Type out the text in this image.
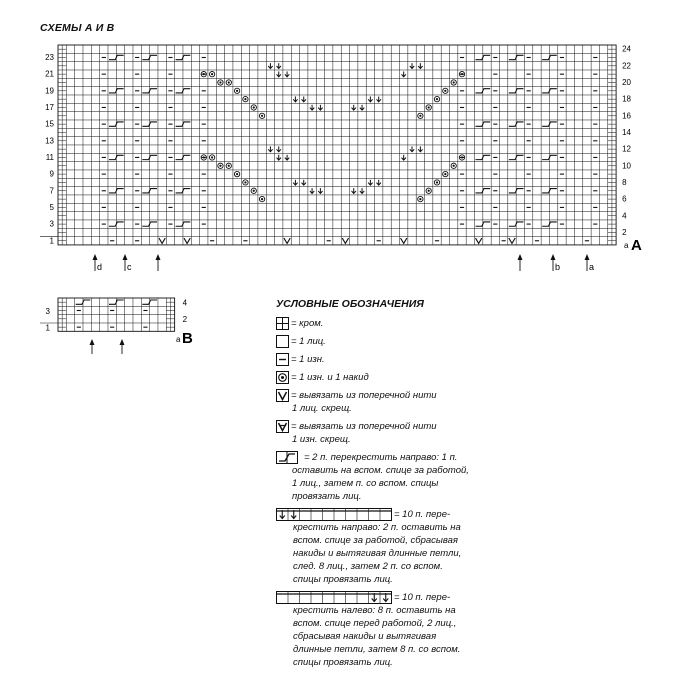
СХЕМЫ А И В
23
21
19
17
15
13
11
9
7
5
3
1
24
22
20
18
16
14
12
10
8
6
4
2
A
а
d	c	b	a
3
1
4
2
B
а
УСЛОВНЫЕ ОБОЗНАЧЕНИЯ
= кром.
= 1 лиц.
= 1 изн.
= 1 изн. и 1 накид
= вывязать из поперечной нити
1 лиц. скрещ.
= вывязать из поперечной нити
1 изн. скрещ.
= 2 п. перекрестить направо: 1 п.
оставить на вспом. спице за работой,
1 лиц., затем п. со вспом. спицы
провязать лиц.
= 10 п. пере-
крестить направо: 2 п. оставить на
вспом. спице за работой, сбрасывая
накиды и вытягивая длинные петли,
след. 8 лиц., затем 2 п. со вспом.
спицы провязать лиц.
= 10 п. пере-
крестить налево: 8 п. оставить на
вспом. спице перед работой, 2 лиц.,
сбрасывая накиды и вытягивая
длинные петли, затем 8 п. со вспом.
спицы провязать лиц.
